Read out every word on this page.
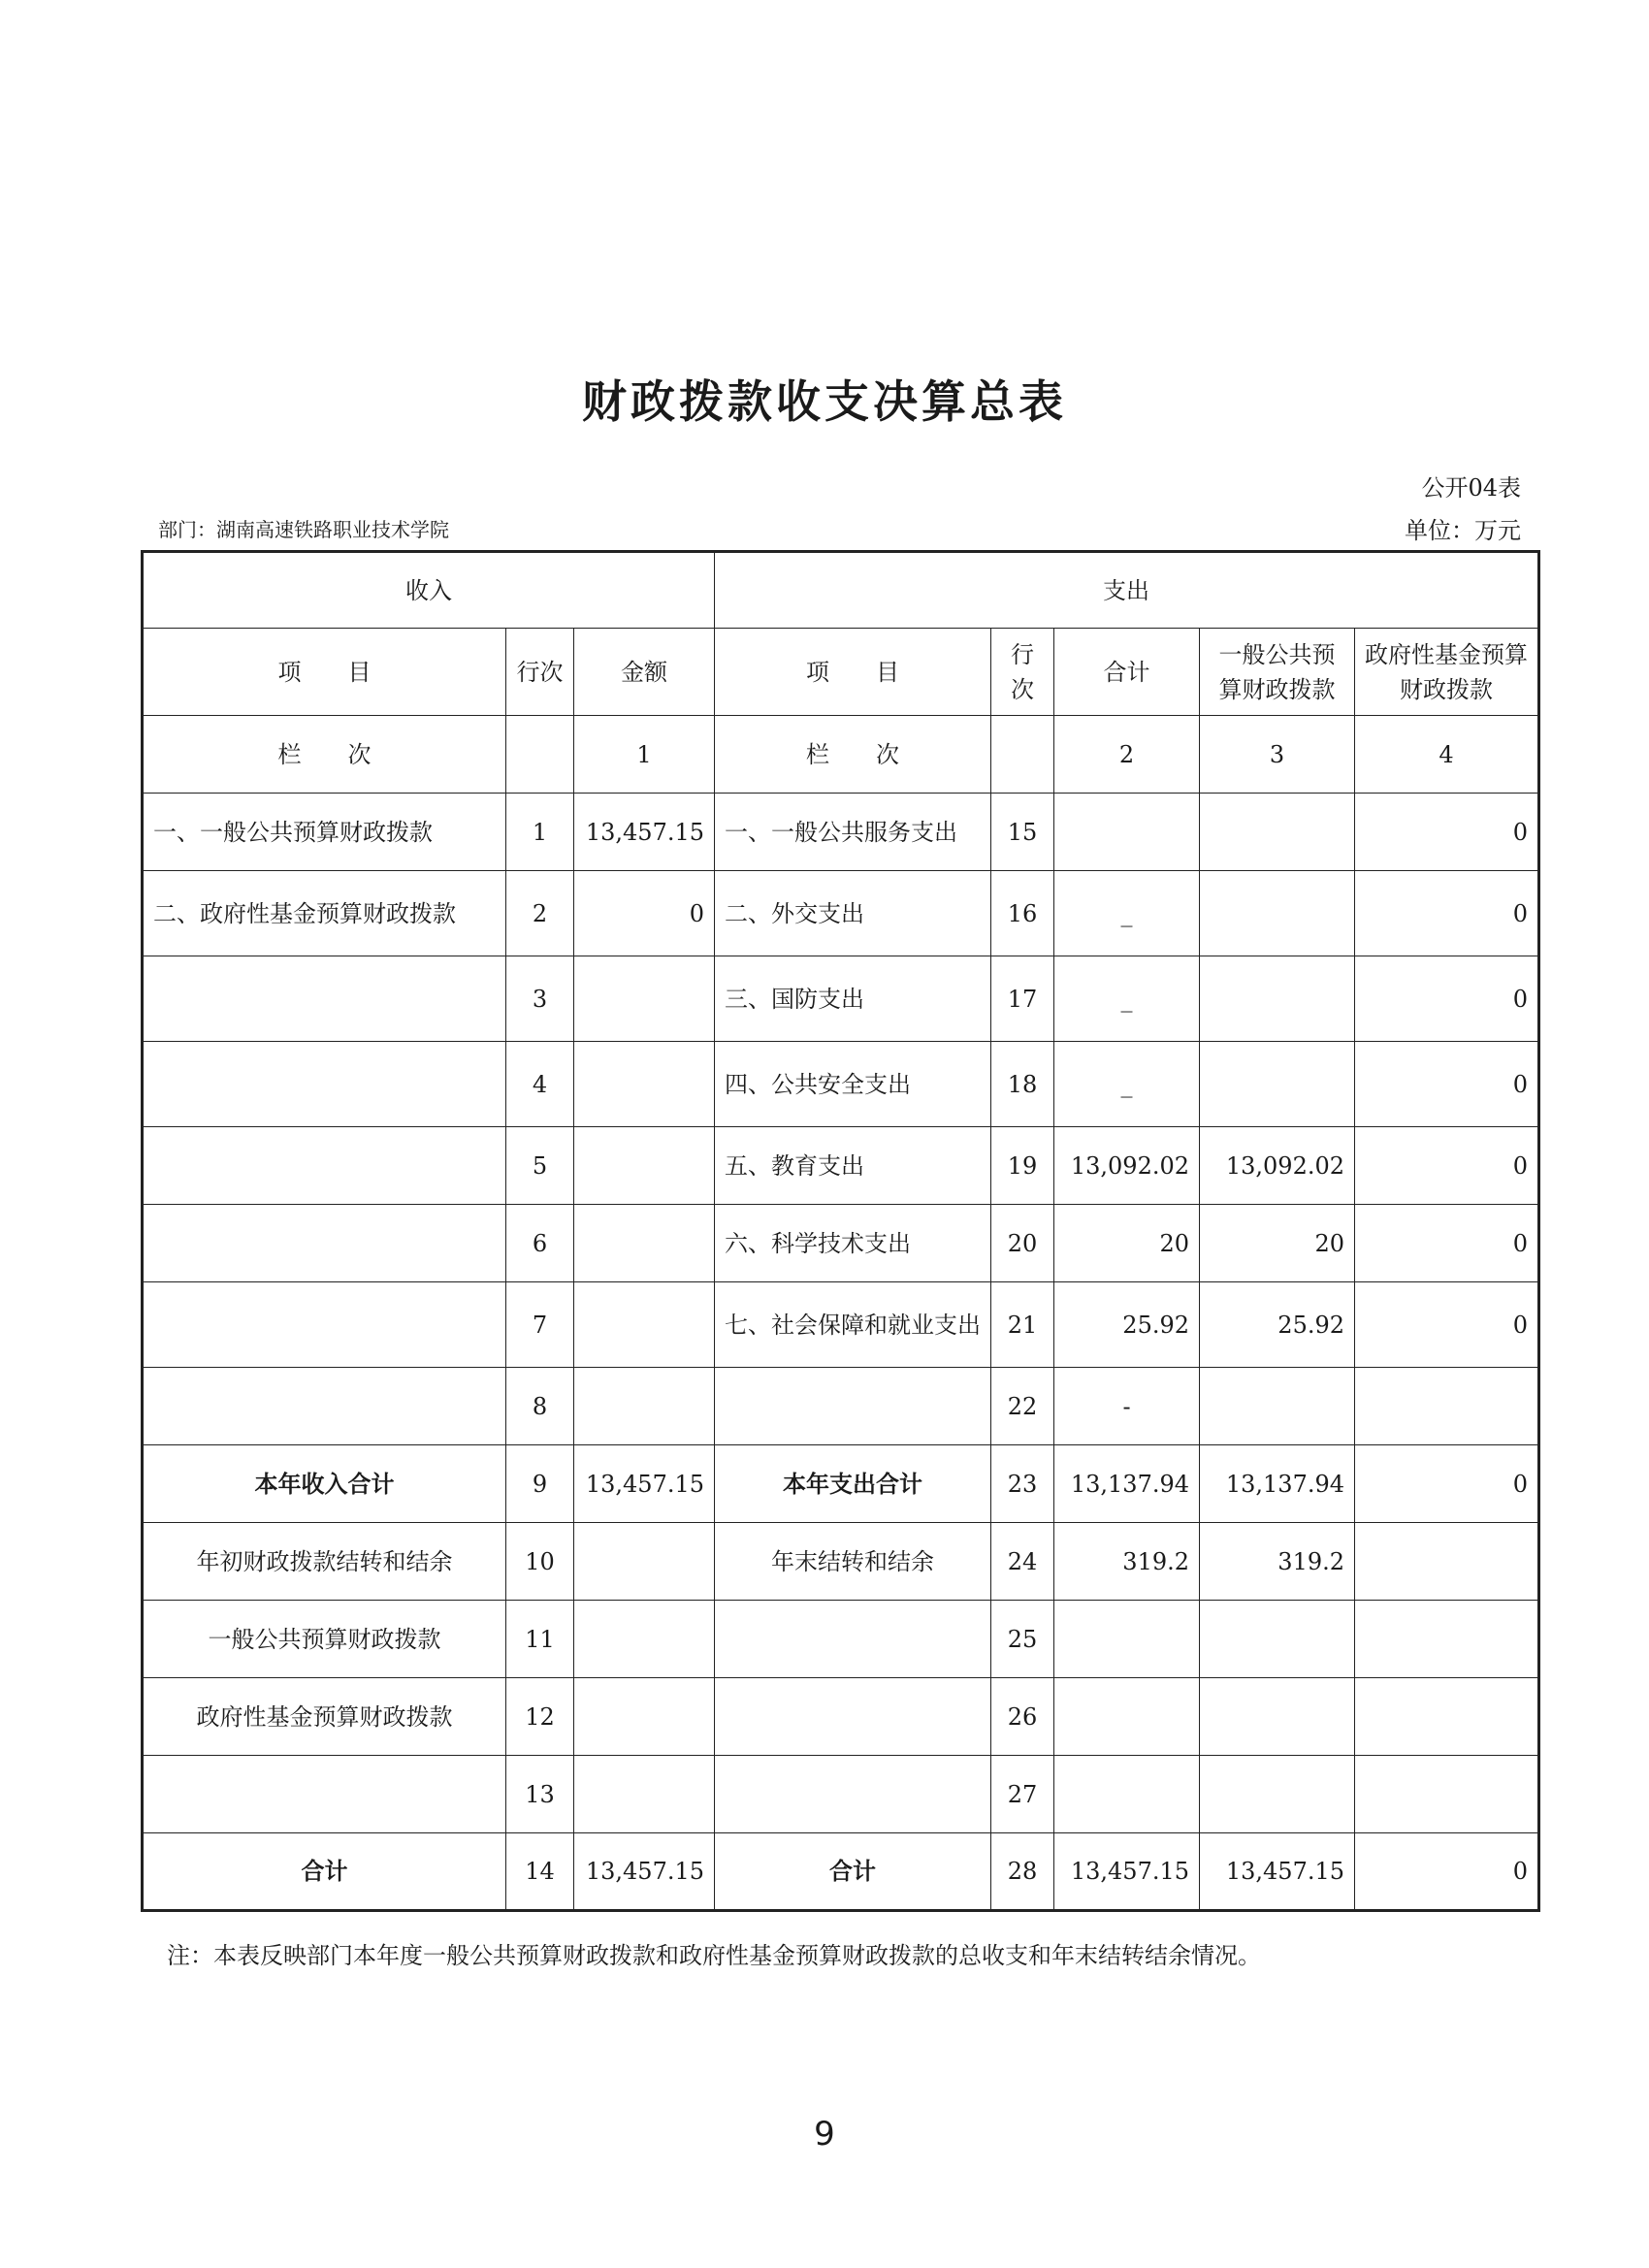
财政拨款收支决算总表
公开04表
部门：湖南高速铁路职业技术学院	单位：万元
收入			支出				
项　　目	行次	金额	项　　目	行次	合计	一般公共预算财政拨款	政府性基金预算财政拨款
栏　　次		1	栏　　次		2	3	4
一、一般公共预算财政拨款	1	13,457.15	一、一般公共服务支出	15			0
二、政府性基金预算财政拨款	2	0	二、外交支出	16	_		0
	3		三、国防支出	17	_		0
	4		四、公共安全支出	18	_		0
	5		五、教育支出	19	13,092.02	13,092.02	0
	6		六、科学技术支出	20	20	20	0
	7		七、社会保障和就业支出	21	25.92	25.92	0
	8			22	-		
本年收入合计	9	13,457.15	本年支出合计	23	13,137.94	13,137.94	0
年初财政拨款结转和结余	10		年末结转和结余	24	319.2	319.2	
一般公共预算财政拨款	11			25			
政府性基金预算财政拨款	12			26			
	13			27			
合计	14	13,457.15	合计	28	13,457.15	13,457.15	0
注：本表反映部门本年度一般公共预算财政拨款和政府性基金预算财政拨款的总收支和年末结转结余情况。
9
